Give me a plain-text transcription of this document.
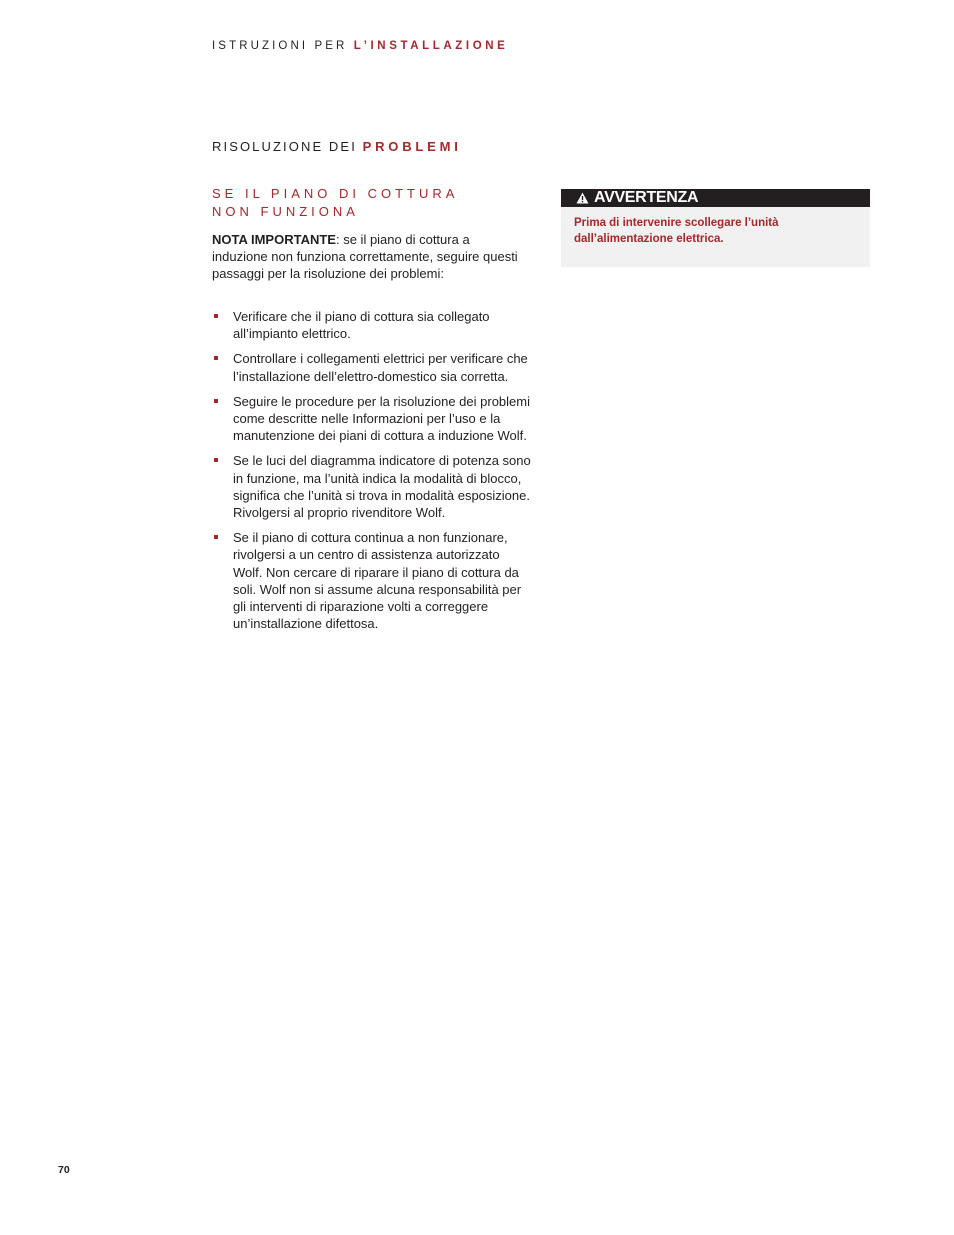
ISTRUZIONI PER L’INSTALLAZIONE
RISOLUZIONE DEI PROBLEMI
SE IL PIANO DI COTTURA NON FUNZIONA
NOTA IMPORTANTE: se il piano di cottura a induzione non funziona correttamente, seguire questi passaggi per la risoluzione dei problemi:
Verificare che il piano di cottura sia collegato all’impianto elettrico.
Controllare i collegamenti elettrici per verificare che l’installazione dell’elettro-domestico sia corretta.
Seguire le procedure per la risoluzione dei problemi come descritte nelle Informazioni per l’uso e la manutenzione dei piani di cottura a induzione Wolf.
Se le luci del diagramma indicatore di potenza sono in funzione, ma l’unità indica la modalità di blocco, significa che l’unità si trova in modalità esposizione. Rivolgersi al proprio rivenditore Wolf.
Se il piano di cottura continua a non funzionare, rivolgersi a un centro di assistenza autorizzato Wolf. Non cercare di riparare il piano di cottura da soli. Wolf non si assume alcuna responsabilità per gli interventi di riparazione volti a correggere un’installazione difettosa.
AVVERTENZA
Prima di intervenire scollegare l’unità dall’alimentazione elettrica.
70
